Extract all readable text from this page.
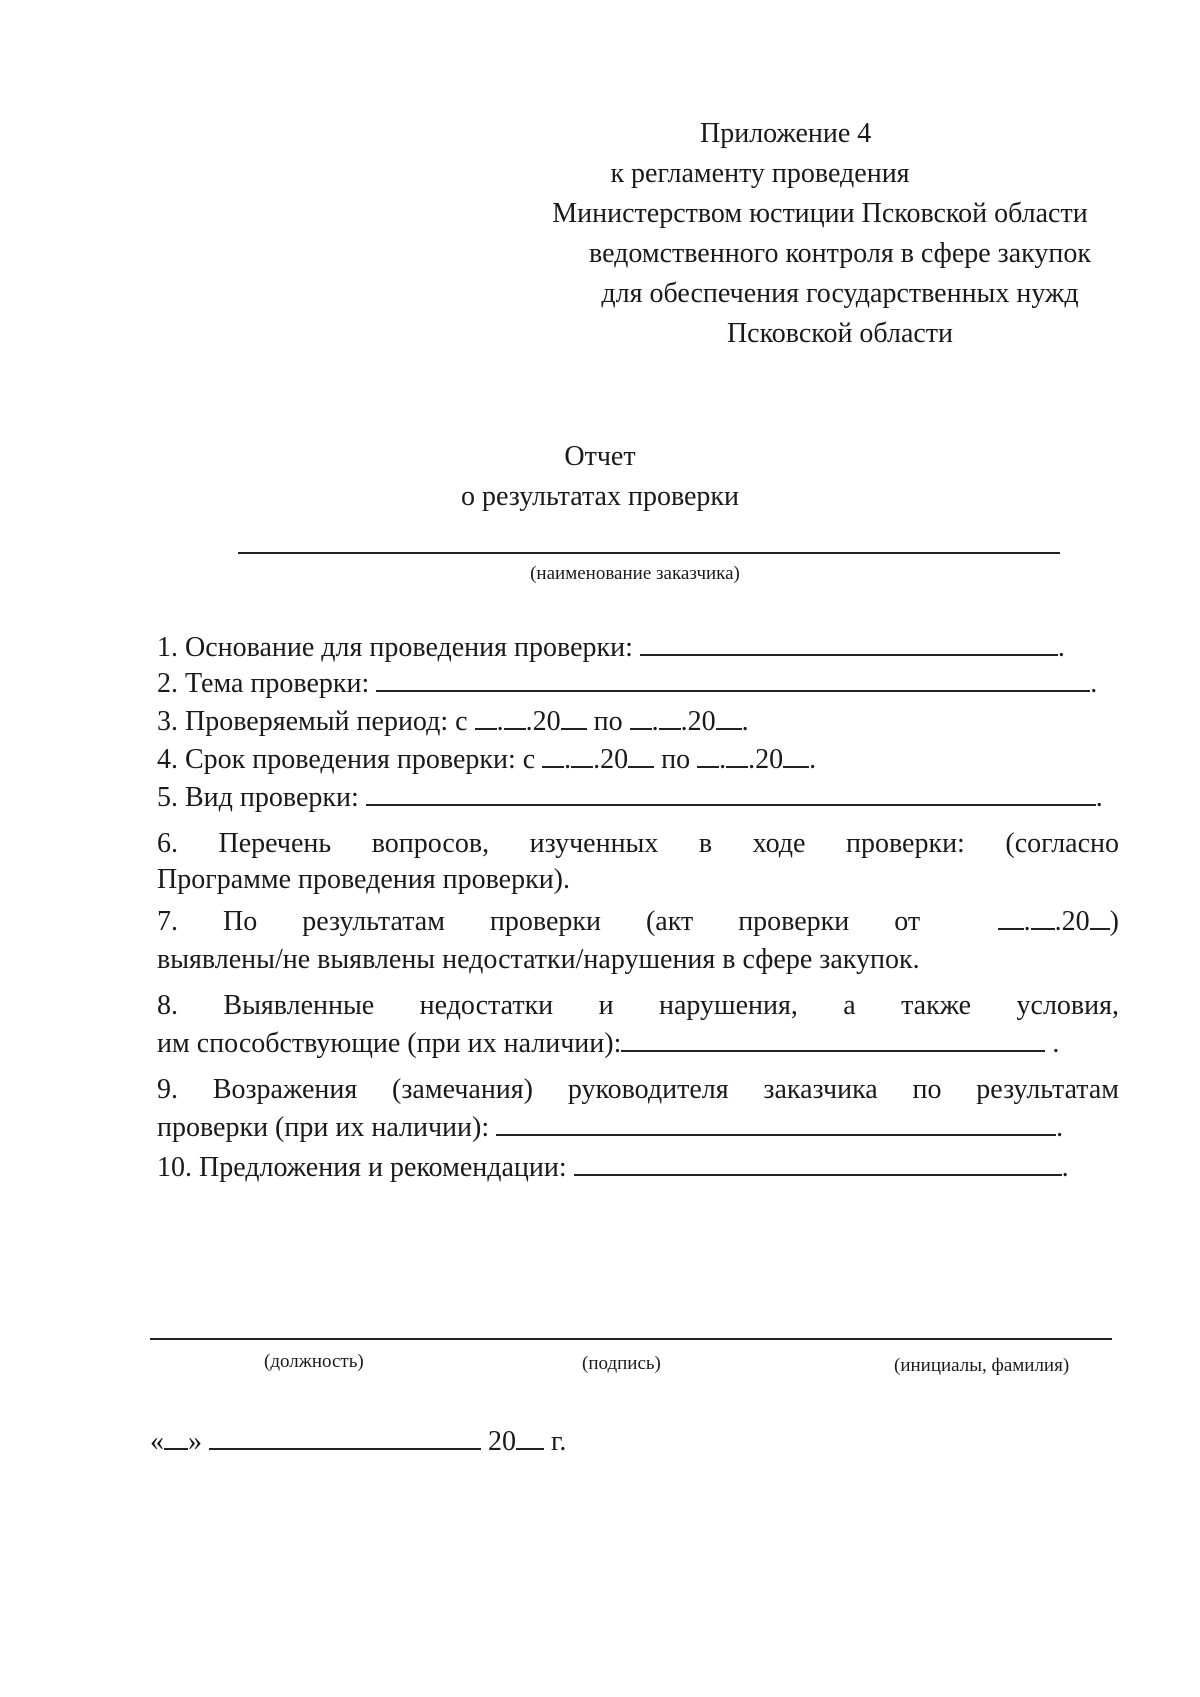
Приложение 4
к регламенту проведения
Министерством юстиции Псковской области
ведомственного контроля в сфере закупок
для обеспечения государственных нужд
Псковской области
Отчет
о результатах проверки
(наименование заказчика)
1. Основание для проведения проверки:	.
2. Тема проверки:	.
3. Проверяемый период: с . .20 по . .20 .
4. Срок проведения проверки: с . .20 по . .20 .
5. Вид проверки:	.
6. Перечень вопросов, изученных в ходе проверки: (согласно
Программе проведения проверки).
7. По результатам проверки (акт проверки от	. .20 )
выявлены/не выявлены недостатки/нарушения в сфере закупок.
8. Выявленные недостатки и нарушения, а также условия,
им способствующие (при их наличии):	.
9. Возражения (замечания) руководителя заказчика по результатам
проверки (при их наличии):	.
10. Предложения и рекомендации:	.
(должность)	(подпись)	(инициалы, фамилия)
« »	20 г.
